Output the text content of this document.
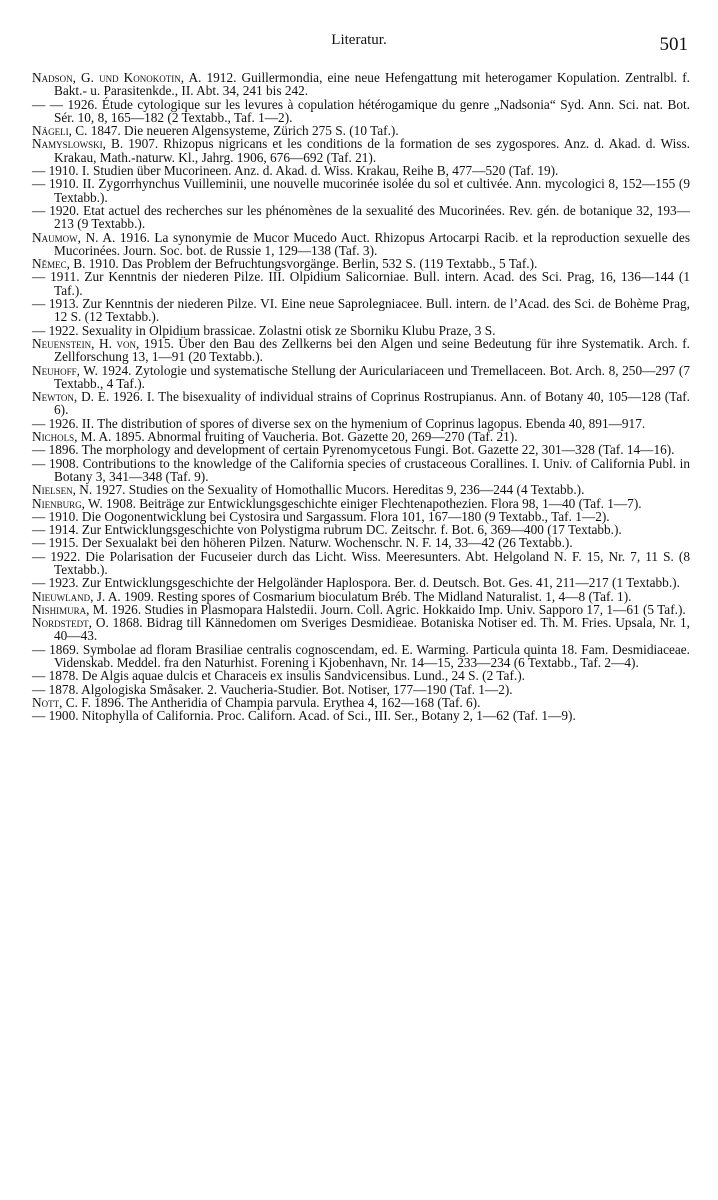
Literatur.	501
Nadson, G. und Konokotin, A. 1912. Guillermondia, eine neue Hefengattung mit heterogamer Kopulation. Zentralbl. f. Bakt.- u. Parasitenkde., II. Abt. 34, 241 bis 242.
— — 1926. Étude cytologique sur les levures à copulation hétérogamique du genre „Nadsonia“ Syd. Ann. Sci. nat. Bot. Sér. 10, 8, 165—182 (2 Textabb., Taf. 1—2).
Nägeli, C. 1847. Die neueren Algensysteme, Zürich 275 S. (10 Taf.).
Namyslowski, B. 1907. Rhizopus nigricans et les conditions de la formation de ses zygospores. Anz. d. Akad. d. Wiss. Krakau, Math.-naturw. Kl., Jahrg. 1906, 676—692 (Taf. 21).
— 1910. I. Studien über Mucorineen. Anz. d. Akad. d. Wiss. Krakau, Reihe B, 477—520 (Taf. 19).
— 1910. II. Zygorrhynchus Vuilleminii, une nouvelle mucorinée isolée du sol et cultivée. Ann. mycologici 8, 152—155 (9 Textabb.).
— 1920. Etat actuel des recherches sur les phénomènes de la sexualité des Mucorinées. Rev. gén. de botanique 32, 193—213 (9 Textabb.).
Naumow, N. A. 1916. La synonymie de Mucor Mucedo Auct. Rhizopus Artocarpi Racib. et la reproduction sexuelle des Mucorinées. Journ. Soc. bot. de Russie 1, 129—138 (Taf. 3).
Němec, B. 1910. Das Problem der Befruchtungsvorgänge. Berlin, 532 S. (119 Textabb., 5 Taf.).
— 1911. Zur Kenntnis der niederen Pilze. III. Olpidium Salicorniae. Bull. intern. Acad. des Sci. Prag, 16, 136—144 (1 Taf.).
— 1913. Zur Kenntnis der niederen Pilze. VI. Eine neue Saprolegniacee. Bull. intern. de l’Acad. des Sci. de Bohème Prag, 12 S. (12 Textabb.).
— 1922. Sexuality in Olpidium brassicae. Zolastni otisk ze Sborniku Klubu Praze, 3 S.
Neuenstein, H. von, 1915. Über den Bau des Zellkerns bei den Algen und seine Bedeutung für ihre Systematik. Arch. f. Zellforschung 13, 1—91 (20 Textabb.).
Neuhoff, W. 1924. Zytologie und systematische Stellung der Auriculariaceen und Tremellaceen. Bot. Arch. 8, 250—297 (7 Textabb., 4 Taf.).
Newton, D. E. 1926. I. The bisexuality of individual strains of Coprinus Rostrupianus. Ann. of Botany 40, 105—128 (Taf. 6).
— 1926. II. The distribution of spores of diverse sex on the hymenium of Coprinus lagopus. Ebenda 40, 891—917.
Nichols, M. A. 1895. Abnormal fruiting of Vaucheria. Bot. Gazette 20, 269—270 (Taf. 21).
— 1896. The morphology and development of certain Pyrenomycetous Fungi. Bot. Gazette 22, 301—328 (Taf. 14—16).
— 1908. Contributions to the knowledge of the California species of crustaceous Corallines. I. Univ. of California Publ. in Botany 3, 341—348 (Taf. 9).
Nielsen, N. 1927. Studies on the Sexuality of Homothallic Mucors. Hereditas 9, 236—244 (4 Textabb.).
Nienburg, W. 1908. Beiträge zur Entwicklungsgeschichte einiger Flechtenapothezien. Flora 98, 1—40 (Taf. 1—7).
— 1910. Die Oogonentwicklung bei Cystosira und Sargassum. Flora 101, 167—180 (9 Textabb., Taf. 1—2).
— 1914. Zur Entwicklungsgeschichte von Polystigma rubrum DC. Zeitschr. f. Bot. 6, 369—400 (17 Textabb.).
— 1915. Der Sexualakt bei den höheren Pilzen. Naturw. Wochenschr. N. F. 14, 33—42 (26 Textabb.).
— 1922. Die Polarisation der Fucuseier durch das Licht. Wiss. Meeresunters. Abt. Helgoland N. F. 15, Nr. 7, 11 S. (8 Textabb.).
— 1923. Zur Entwicklungsgeschichte der Helgoländer Haplospora. Ber. d. Deutsch. Bot. Ges. 41, 211—217 (1 Textabb.).
Nieuwland, J. A. 1909. Resting spores of Cosmarium bioculatum Bréb. The Midland Naturalist. 1, 4—8 (Taf. 1).
Nishimura, M. 1926. Studies in Plasmopara Halstedii. Journ. Coll. Agric. Hokkaido Imp. Univ. Sapporo 17, 1—61 (5 Taf.).
Nordstedt, O. 1868. Bidrag till Kännedomen om Sveriges Desmidieae. Botaniska Notiser ed. Th. M. Fries. Upsala, Nr. 1, 40—43.
— 1869. Symbolae ad floram Brasiliae centralis cognoscendam, ed. E. Warming. Particula quinta 18. Fam. Desmidiaceae. Videnskab. Meddel. fra den Naturhist. Forening i Kjobenhavn, Nr. 14—15, 233—234 (6 Textabb., Taf. 2—4).
— 1878. De Algis aquae dulcis et Characeis ex insulis Sandvicensibus. Lund., 24 S. (2 Taf.).
— 1878. Algologiska Småsaker. 2. Vaucheria-Studier. Bot. Notiser, 177—190 (Taf. 1—2).
Nott, C. F. 1896. The Antheridia of Champia parvula. Erythea 4, 162—168 (Taf. 6).
— 1900. Nitophylla of California. Proc. Californ. Acad. of Sci., III. Ser., Botany 2, 1—62 (Taf. 1—9).
